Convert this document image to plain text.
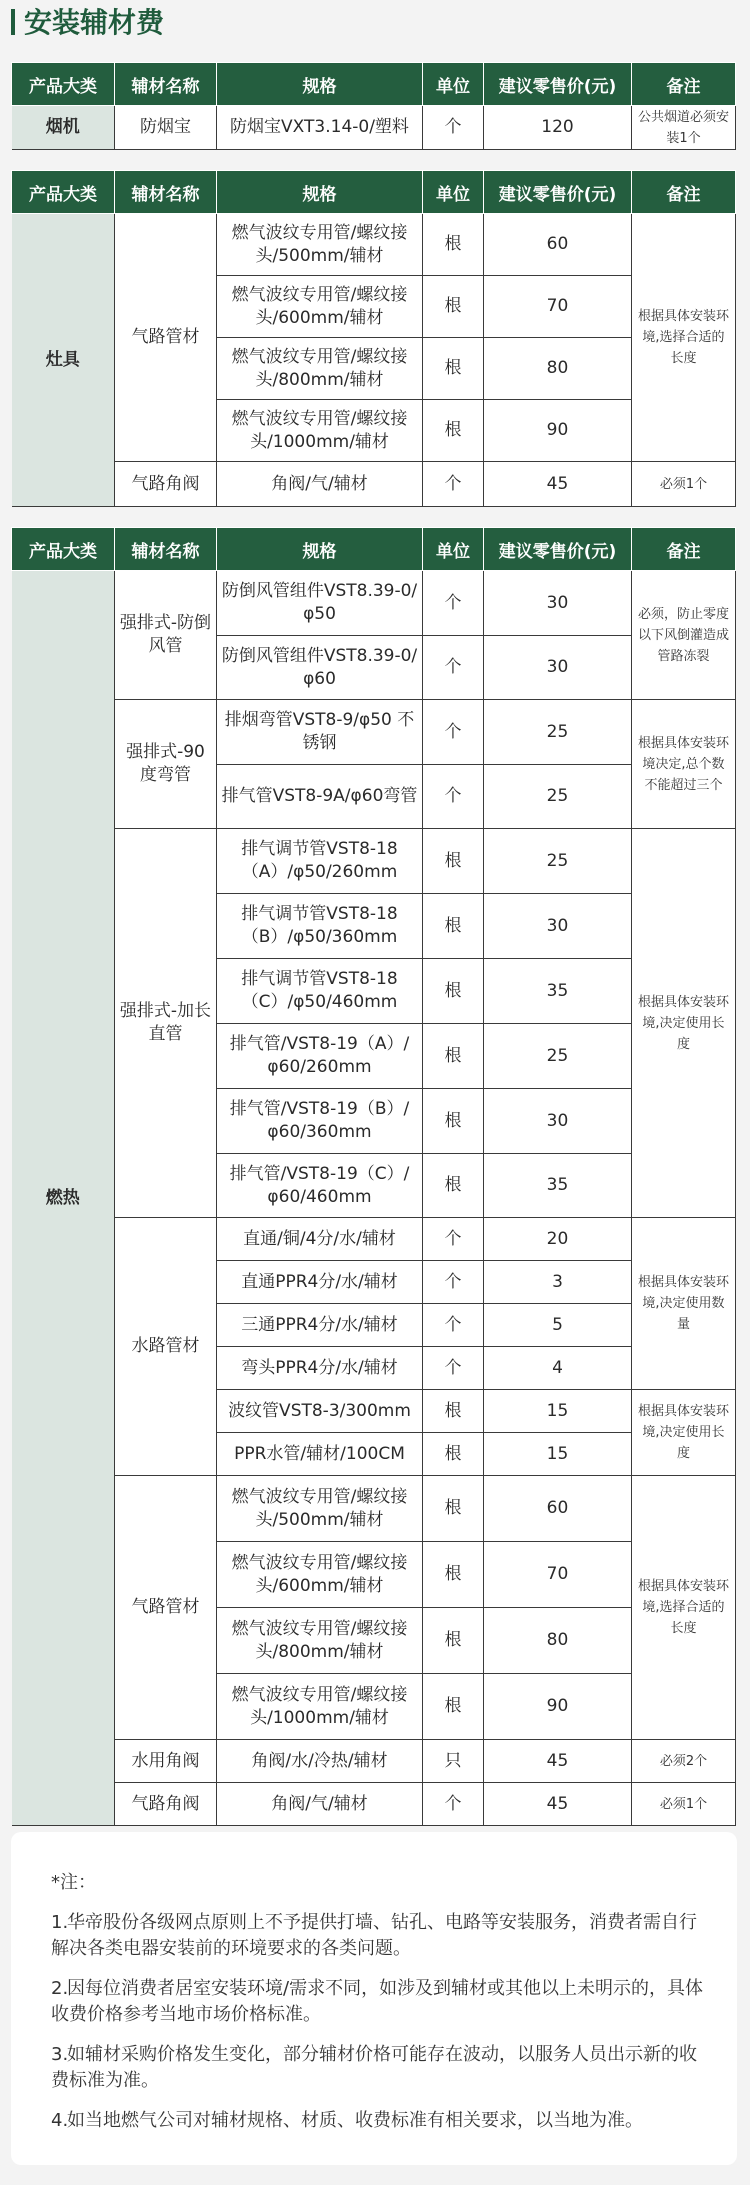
安装辅材费
产品大类	辅材名称	规格	单位	建议零售价(元)	备注
烟机	防烟宝	防烟宝VXT3.14-0/塑料	个	120	公共烟道必须安装1个
产品大类	辅材名称	规格	单位	建议零售价(元)	备注
灶具	气路管材	燃气波纹专用管/螺纹接头/500mm/辅材	根	60	根据具体安装环境,选择合适的长度
		燃气波纹专用管/螺纹接头/600mm/辅材	根	70	
		燃气波纹专用管/螺纹接头/800mm/辅材	根	80	
		燃气波纹专用管/螺纹接头/1000mm/辅材	根	90	
	气路角阀	角阀/气/辅材	个	45	必须1个
产品大类	辅材名称	规格	单位	建议零售价(元)	备注
燃热	强排式-防倒风管	防倒风管组件VST8.39-0/φ50	个	30	必须，防止零度以下风倒灌造成管路冻裂
		防倒风管组件VST8.39-0/φ60	个	30	
	强排式-90度弯管	排烟弯管VST8-9/φ50 不锈钢	个	25	根据具体安装环境决定,总个数不能超过三个
		排气管VST8-9A/φ60弯管	个	25	
	强排式-加长直管	排气调节管VST8-18（A）/φ50/260mm	根	25	根据具体安装环境,决定使用长度
		排气调节管VST8-18（B）/φ50/360mm	根	30	
		排气调节管VST8-18（C）/φ50/460mm	根	35	
		排气管/VST8-19（A）/φ60/260mm	根	25	
		排气管/VST8-19（B）/φ60/360mm	根	30	
		排气管/VST8-19（C）/φ60/460mm	根	35	
	水路管材	直通/铜/4分/水/辅材	个	20	根据具体安装环境,决定使用数量
		直通PPR4分/水/辅材	个	3	
		三通PPR4分/水/辅材	个	5	
		弯头PPR4分/水/辅材	个	4	
		波纹管VST8-3/300mm	根	15	根据具体安装环境,决定使用长度
		PPR水管/辅材/100CM	根	15	
	气路管材	燃气波纹专用管/螺纹接头/500mm/辅材	根	60	根据具体安装环境,选择合适的长度
		燃气波纹专用管/螺纹接头/600mm/辅材	根	70	
		燃气波纹专用管/螺纹接头/800mm/辅材	根	80	
		燃气波纹专用管/螺纹接头/1000mm/辅材	根	90	
	水用角阀	角阀/水/冷热/辅材	只	45	必须2个
	气路角阀	角阀/气/辅材	个	45	必须1个
*注：
1.华帝股份各级网点原则上不予提供打墙、钻孔、电路等安装服务，消费者需自行解决各类电器安装前的环境要求的各类问题。
2.因每位消费者居室安装环境/需求不同，如涉及到辅材或其他以上未明示的，具体收费价格参考当地市场价格标准。
3.如辅材采购价格发生变化，部分辅材价格可能存在波动，以服务人员出示新的收费标准为准。
4.如当地燃气公司对辅材规格、材质、收费标准有相关要求，以当地为准。
